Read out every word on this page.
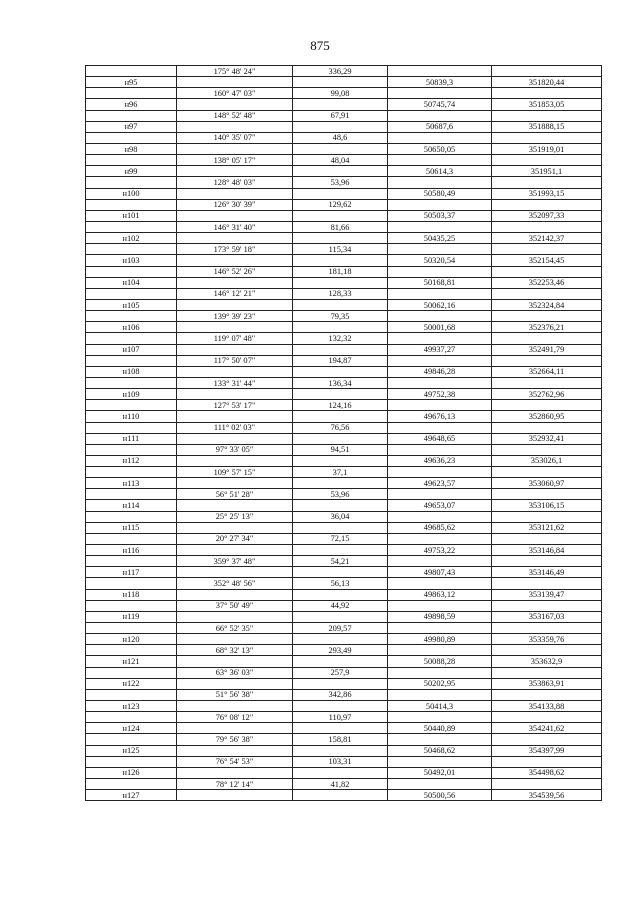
875
	175° 48' 24"	336,29		
н95			50839,3	351820,44
	160° 47' 03"	99,08		
н96			50745,74	351853,05
	148° 52' 48"	67,91		
н97			50687,6	351888,15
	140° 35' 07"	48,6		
н98			50650,05	351919,01
	138° 05' 17"	48,04		
н99			50614,3	351951,1
	128° 48' 03"	53,96		
н100			50580,49	351993,15
	126° 30' 39"	129,62		
н101			50503,37	352097,33
	146° 31' 40"	81,66		
н102			50435,25	352142,37
	173° 59' 18"	115,34		
н103			50320,54	352154,45
	146° 52' 26"	181,18		
н104			50168,81	352253,46
	146° 12' 21"	128,33		
н105			50062,16	352324,84
	139° 39' 23"	79,35		
н106			50001,68	352376,21
	119° 07' 48"	132,32		
н107			49937,27	352491,79
	117° 50' 07"	194,87		
н108			49846,28	352664,11
	133° 31' 44"	136,34		
н109			49752,38	352762,96
	127° 53' 17"	124,16		
н110			49676,13	352860,95
	111° 02' 03"	76,56		
н111			49648,65	352932,41
	97° 33' 05"	94,51		
н112			49636,23	353026,1
	109° 57' 15"	37,1		
н113			49623,57	353060,97
	56° 51' 28"	53,96		
н114			49653,07	353106,15
	25° 25' 13"	36,04		
н115			49685,62	353121,62
	20° 27' 34"	72,15		
н116			49753,22	353146,84
	359° 37' 48"	54,21		
н117			49807,43	353146,49
	352° 48' 56"	56,13		
н118			49863,12	353139,47
	37° 50' 49"	44,92		
н119			49898,59	353167,03
	66° 52' 35"	209,57		
н120			49980,89	353359,76
	68° 32' 13"	293,49		
н121			50088,28	353632,9
	63° 36' 03"	257,9		
н122			50202,95	353863,91
	51° 56' 38"	342,86		
н123			50414,3	354133,88
	76° 08' 12"	110,97		
н124			50440,89	354241,62
	79° 56' 38"	158,81		
н125			50468,62	354397,99
	76° 54' 53"	103,31		
н126			50492,01	354498,62
	78° 12' 14"	41,82		
н127			50500,56	354539,56
